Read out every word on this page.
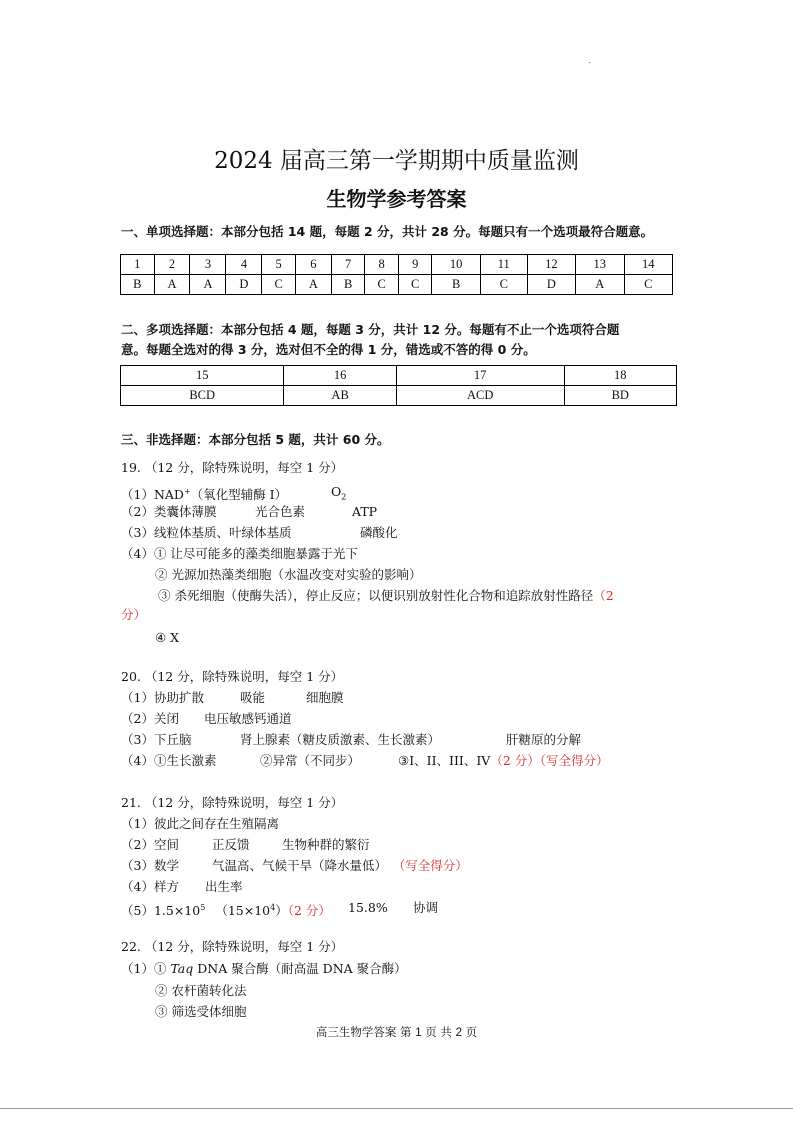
2024 届高三第一学期期中质量监测
生物学参考答案
一、单项选择题：本部分包括 14 题，每题 2 分，共计 28 分。每题只有一个选项最符合题意。
1	2	3	4	5	6	7	8	9	10	11	12	13	14
B	A	A	D	C	A	B	C	C	B	C	D	A	C
二、多项选择题：本部分包括 4 题，每题 3 分，共计 12 分。每题有不止一个选项符合题
意。每题全选对的得 3 分，选对但不全的得 1 分，错选或不答的得 0 分。
15	16	17	18
BCD	AB	ACD	BD
三、非选择题：本部分包括 5 题，共计 60 分。
19. （12 分，除特殊说明，每空 1 分）
（1）NAD+（氧化型辅酶 I）	$O_2$
（2）类囊体薄膜	光合色素	ATP
（3）线粒体基质、叶绿体基质	磷酸化
（4）① 让尽可能多的藻类细胞暴露于光下
② 光源加热藻类细胞（水温改变对实验的影响）
③ 杀死细胞（使酶失活），停止反应；以便识别放射性化合物和追踪放射性路径（2
分）
④ X
20. （12 分，除特殊说明，每空 1 分）
（1）协助扩散	吸能	细胞膜
（2）关闭 电压敏感钙通道
（3）下丘脑	肾上腺素（糖皮质激素、生长激素）	肝糖原的分解
（4）①生长激素	②异常（不同步）	③I、II、III、IV（2 分）（写全得分）
21. （12 分，除特殊说明，每空 1 分）
（1）彼此之间存在生殖隔离
（2）空间	正反馈	生物种群的繁衍
（3）数学	气温高、气候干旱（降水量低） （写全得分）
（4）样方 出生率
$(5)1.5\times 10^5$ $(15\times 10^4)(2$ 分） 15.8% 协调
22. （12 分，除特殊说明，每空 1 分）
（1）① Taq DNA 聚合酶（耐高温 DNA 聚合酶）
② 农杆菌转化法
③ 筛选受体细胞
高三生物学答案 第 1 页 共 2 页
